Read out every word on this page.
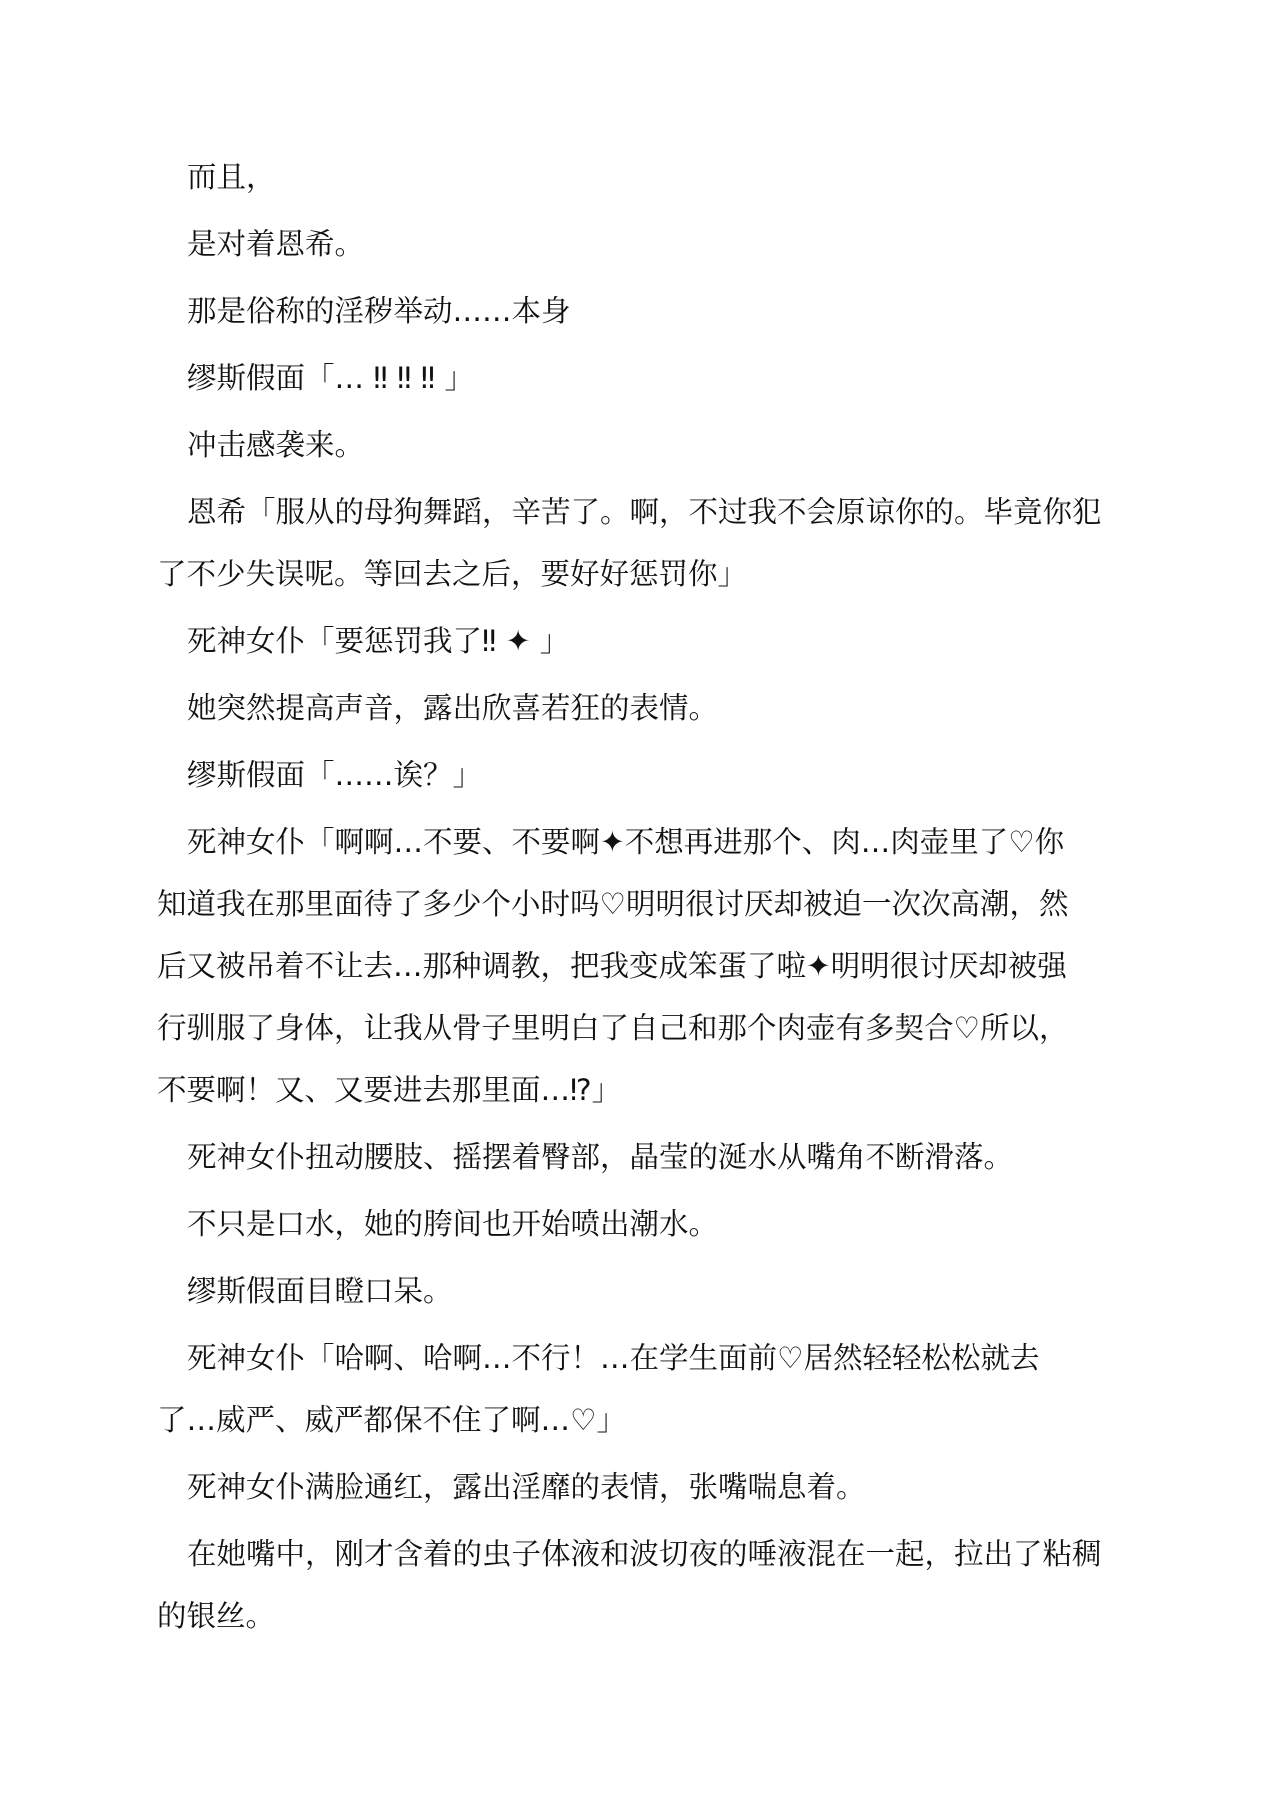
而且，
是对着恩希。
那是俗称的淫秽举动……本身
缪斯假面「… ‼ ‼ ‼ 」
冲击感袭来。
恩希「服从的母狗舞蹈，辛苦了。啊，不过我不会原谅你的。毕竟你犯
了不少失误呢。等回去之后，要好好惩罚你」
死神女仆「要惩罚我了‼ ✦ 」
她突然提高声音，露出欣喜若狂的表情。
缪斯假面「……诶？」
死神女仆「啊啊…不要、不要啊✦不想再进那个、肉…肉壶里了♡你
知道我在那里面待了多少个小时吗♡明明很讨厌却被迫一次次高潮，然
后又被吊着不让去…那种调教，把我变成笨蛋了啦✦明明很讨厌却被强
行驯服了身体，让我从骨子里明白了自己和那个肉壶有多契合♡所以，
不要啊！又、又要进去那里面…⁉」
死神女仆扭动腰肢、摇摆着臀部，晶莹的涎水从嘴角不断滑落。
不只是口水，她的胯间也开始喷出潮水。
缪斯假面目瞪口呆。
死神女仆「哈啊、哈啊…不行！…在学生面前♡居然轻轻松松就去
了…威严、威严都保不住了啊…♡」
死神女仆满脸通红，露出淫靡的表情，张嘴喘息着。
在她嘴中，刚才含着的虫子体液和波切夜的唾液混在一起，拉出了粘稠
的银丝。
